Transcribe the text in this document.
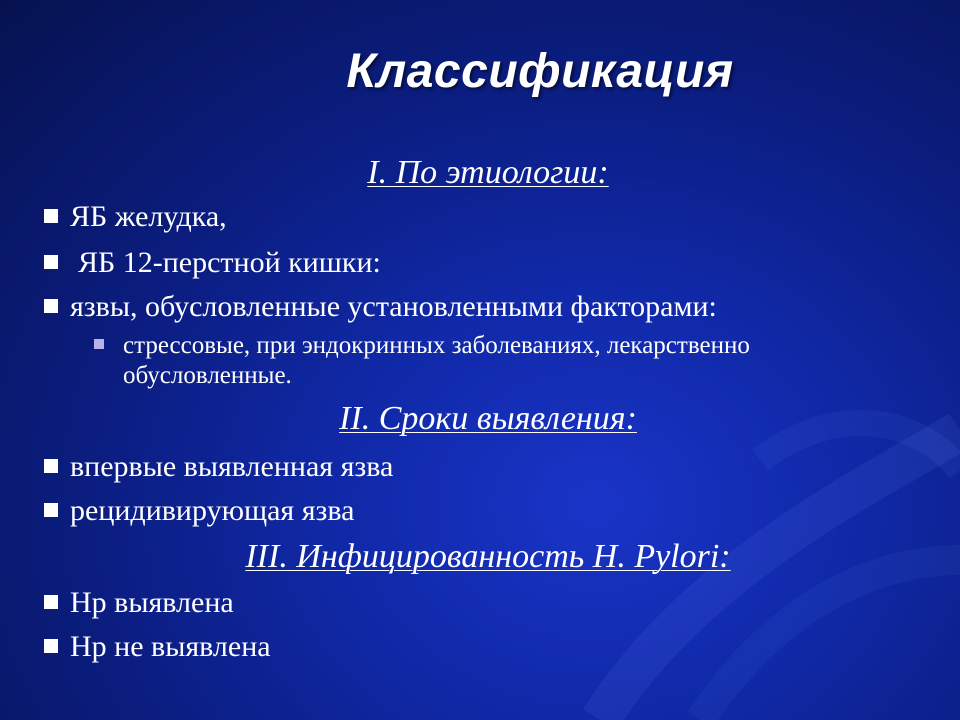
Классификация
I. По этиологии:
ЯБ желудка,
ЯБ 12-перстной кишки:
язвы, обусловленные установленными факторами:
стрессовые, при эндокринных заболеваниях, лекарственно обусловленные.
II. Сроки выявления:
впервые выявленная язва
рецидивирующая язва
III. Инфицированность H. Pylori:
Hp выявлена
Hp не выявлена
